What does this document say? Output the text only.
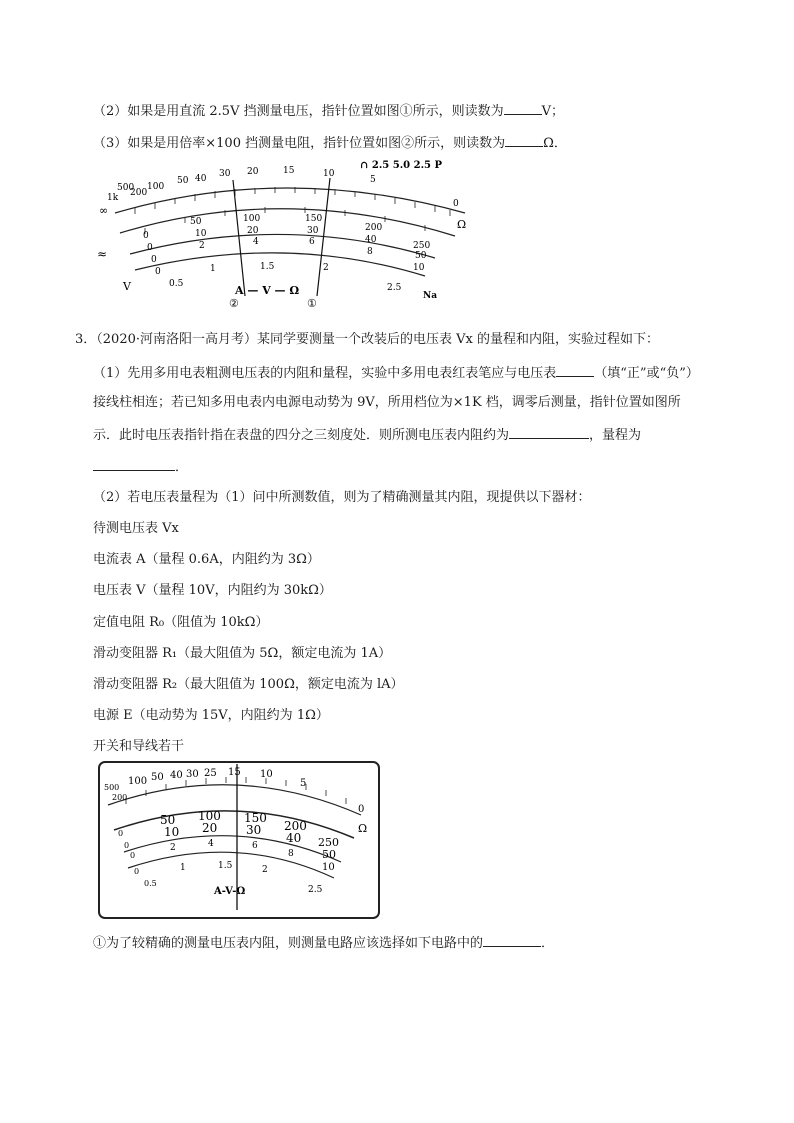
（2）如果是用直流 2.5V 挡测量电压，指针位置如图①所示，则读数为	V；
（3）如果是用倍率×100 挡测量电阻，指针位置如图②所示，则读数为	Ω．
∞
1k
500
200
100
50 40 30 20	15	10
5
0
∩ 2.5 5.0 2.5 P
0
50	100	150
200
250
0
10	20	30
40
50
0
2	4	6
8
10
0
0.5
1	1.5	2
2.5
≈
V
Ω
A — V — Ω	Na
②	①
3．（2020·河南洛阳一高月考）某同学要测量一个改装后的电压表 Vx 的量程和内阻，实验过程如下：
（1）先用多用电表粗测电压表的内阻和量程，实验中多用电表红表笔应与电压表	（填“正”或“负”）
接线柱相连；若已知多用电表内电源电动势为 9V，所用档位为×1K 档，调零后测量，指针位置如图所
示．此时电压表指针指在表盘的四分之三刻度处．则所测电压表内阻约为	，量程为
．
（2）若电压表量程为（1）问中所测数值，则为了精确测量其内阻，现提供以下器材：
待测电压表 Vx
电流表 A（量程 0.6A，内阻约为 3Ω）
电压表 V（量程 10V，内阻约为 30kΩ）
定值电阻 R₀（阻值为 10kΩ）
滑动变阻器 R₁（最大阻值为 5Ω，额定电流为 1A）
滑动变阻器 R₂（最大阻值为 100Ω，额定电流为 lA）
电源 E（电动势为 15V，内阻约为 1Ω）
开关和导线若干
500
200
100 50 40 30 25 15 10
5
0
Ω
0
50 100 150
200
250
0
10 20 30
40
50
0
2	4	6
8
10
0
0.5
1	1.5	2
2.5
A-V-Ω
①为了较精确的测量电压表内阻，则测量电路应该选择如下电路中的	．
